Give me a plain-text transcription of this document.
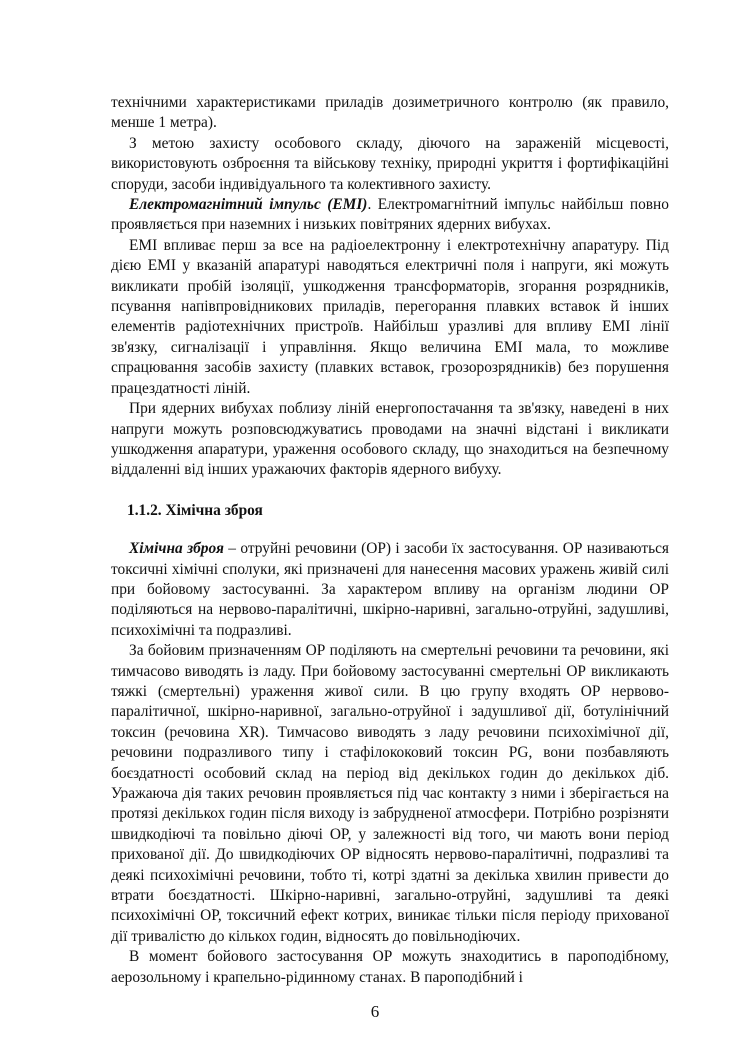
технічними характеристиками приладів дозиметричного контролю (як правило, менше 1 метра).

З метою захисту особового складу, діючого на зараженій місцевості, використовують озброєння та військову техніку, природні укриття і фортифікаційні споруди, засоби індивідуального та колективного захисту.

Електромагнітний імпульс (ЕМІ). Електромагнітний імпульс найбільш повно проявляється при наземних і низьких повітряних ядерних вибухах.

ЕМІ впливає перш за все на радіоелектронну і електротехнічну апаратуру. Під дією ЕМІ у вказаній апаратурі наводяться електричні поля і напруги, які можуть викликати пробій ізоляції, ушкодження трансформаторів, згорання розрядників, псування напівпровідникових приладів, перегорання плавких вставок й інших елементів радіотехнічних пристроїв. Найбільш уразливі для впливу ЕМІ лінії зв'язку, сигналізації і управління. Якщо величина ЕМІ мала, то можливе спрацювання засобів захисту (плавких вставок, грозорозрядників) без порушення працездатності ліній.

При ядерних вибухах поблизу ліній енергопостачання та зв'язку, наведені в них напруги можуть розповсюджуватись проводами на значні відстані і викликати ушкодження апаратури, ураження особового складу, що знаходиться на безпечному віддаленні від інших уражаючих факторів ядерного вибуху.

1.1.2. Хімічна зброя

Хімічна зброя – отруйні речовини (ОР) і засоби їх застосування. ОР називаються токсичні хімічні сполуки, які призначені для нанесення масових уражень живій силі при бойовому застосуванні. За характером впливу на організм людини ОР поділяються на нервово-паралітичні, шкірно-наривні, загально-отруйні, задушливі, психохімічні та подразливі.

За бойовим призначенням ОР поділяють на смертельні речовини та речовини, які тимчасово виводять із ладу. При бойовому застосуванні смертельні ОР викликають тяжкі (смертельні) ураження живої сили. В цю групу входять ОР нервово-паралітичної, шкірно-наривної, загально-отруйної і задушливої дії, ботулінічний токсин (речовина ХR). Тимчасово виводять з ладу речовини психохімічної дії, речовини подразливого типу і стафілококовий токсин PG, вони позбавляють боєздатності особовий склад на період від декількох годин до декількох діб. Уражаюча дія таких речовин проявляється під час контакту з ними і зберігається на протязі декількох годин після виходу із забрудненої атмосфери. Потрібно розрізняти швидкодіючі та повільно діючі ОР, у залежності від того, чи мають вони період прихованої дії. До швидкодіючих ОР відносять нервово-паралітичні, подразливі та деякі психохімічні речовини, тобто ті, котрі здатні за декілька хвилин привести до втрати боєздатності. Шкірно-наривні, загально-отруйні, задушливі та деякі психохімічні ОР, токсичний ефект котрих, виникає тільки після періоду прихованої дії тривалістю до кількох годин, відносять до повільнодіючих.

В момент бойового застосування ОР можуть знаходитись в пароподібному, аерозольному і крапельно-рідинному станах. В пароподібний і

6
